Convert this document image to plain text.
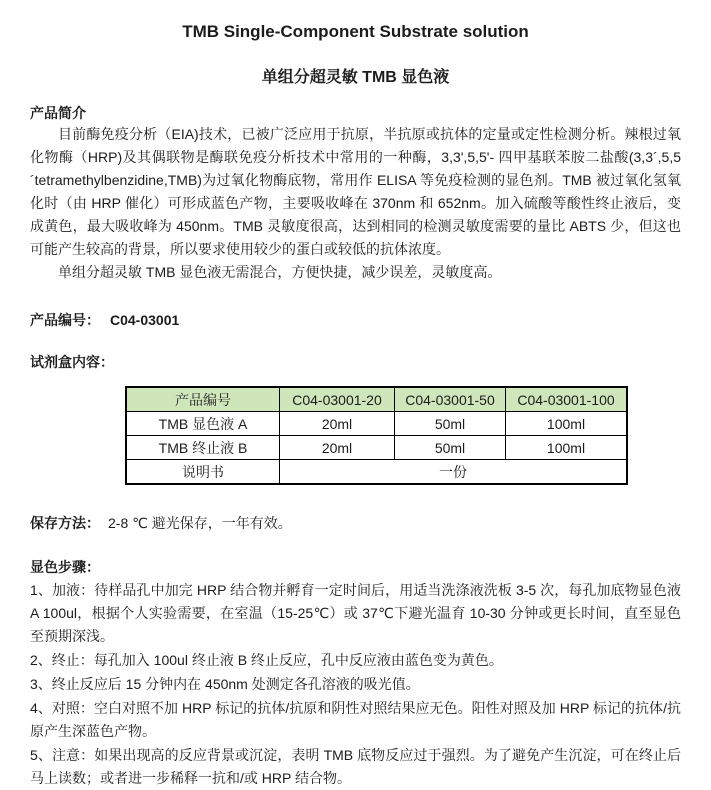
TMB Single-Component Substrate solution
单组分超灵敏 TMB 显色液

产品简介

目前酶免疫分析（EIA)技术，已被广泛应用于抗原，半抗原或抗体的定量或定性检测分析。辣根过氧化物酶（HRP)及其偶联物是酶联免疫分析技术中常用的一种酶，3,3',5,5'- 四甲基联苯胺二盐酸(3,3´,5,5´tetramethylbenzidine,TMB)为过氧化物酶底物，常用作 ELISA 等免疫检测的显色剂。TMB 被过氧化氢氧化时（由 HRP 催化）可形成蓝色产物，主要吸收峰在 370nm 和 652nm。加入硫酸等酸性终止液后，变成黄色，最大吸收峰为 450nm。TMB 灵敏度很高，达到相同的检测灵敏度需要的量比 ABTS 少，但这也可能产生较高的背景，所以要求使用较少的蛋白或较低的抗体浓度。

单组分超灵敏 TMB 显色液无需混合，方便快捷，减少误差，灵敏度高。

产品编号： C04-03001

试剂盒内容：

产品编号	C04-03001-20	C04-03001-50	C04-03001-100
TMB 显色液 A	20ml	50ml	100ml
TMB 终止液 B	20ml	50ml	100ml
说明书	一份		

保存方法： 2-8 ℃ 避光保存，一年有效。

显色步骤：

1、加液：待样品孔中加完 HRP 结合物并孵育一定时间后，用适当洗涤液洗板 3-5 次，每孔加底物显色液A 100ul，根据个人实验需要，在室温（15-25℃）或 37℃下避光温育 10-30 分钟或更长时间，直至显色至预期深浅。

2、终止：每孔加入 100ul 终止液 B 终止反应，孔中反应液由蓝色变为黄色。

3、终止反应后 15 分钟内在 450nm 处测定各孔溶液的吸光值。

4、对照：空白对照不加 HRP 标记的抗体/抗原和阴性对照结果应无色。阳性对照及加 HRP 标记的抗体/抗原产生深蓝色产物。

5、注意：如果出现高的反应背景或沉淀，表明 TMB 底物反应过于强烈。为了避免产生沉淀，可在终止后马上读数；或者进一步稀释一抗和/或 HRP 结合物。
